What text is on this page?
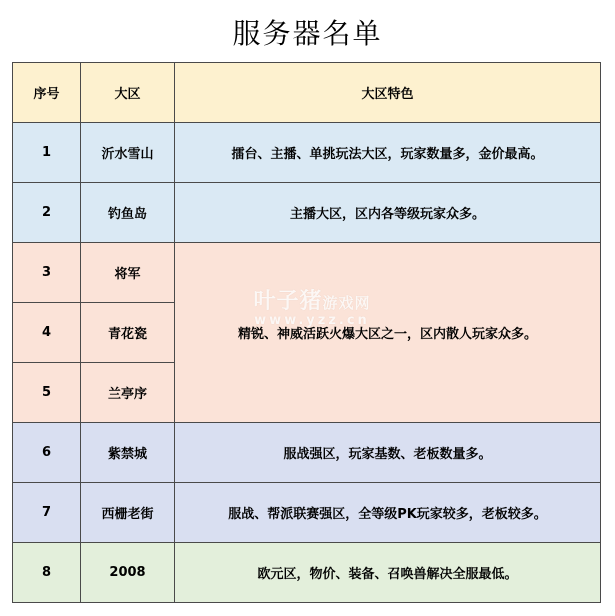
服务器名单
序号	大区	大区特色
1	沂水雪山	擂台、主播、单挑玩法大区，玩家数量多，金价最高。
2	钓鱼岛	主播大区，区内各等级玩家众多。
3	将军	精锐、神威活跃火爆大区之一，区内散人玩家众多。
4	青花瓷	
5	兰亭序	
6	紫禁城	服战强区，玩家基数、老板数量多。
7	西栅老街	服战、帮派联赛强区，全等级PK玩家较多，老板较多。
8	2008	欧元区，物价、装备、召唤兽解决全服最低。
叶子猪游戏网
www.yzz.cn
